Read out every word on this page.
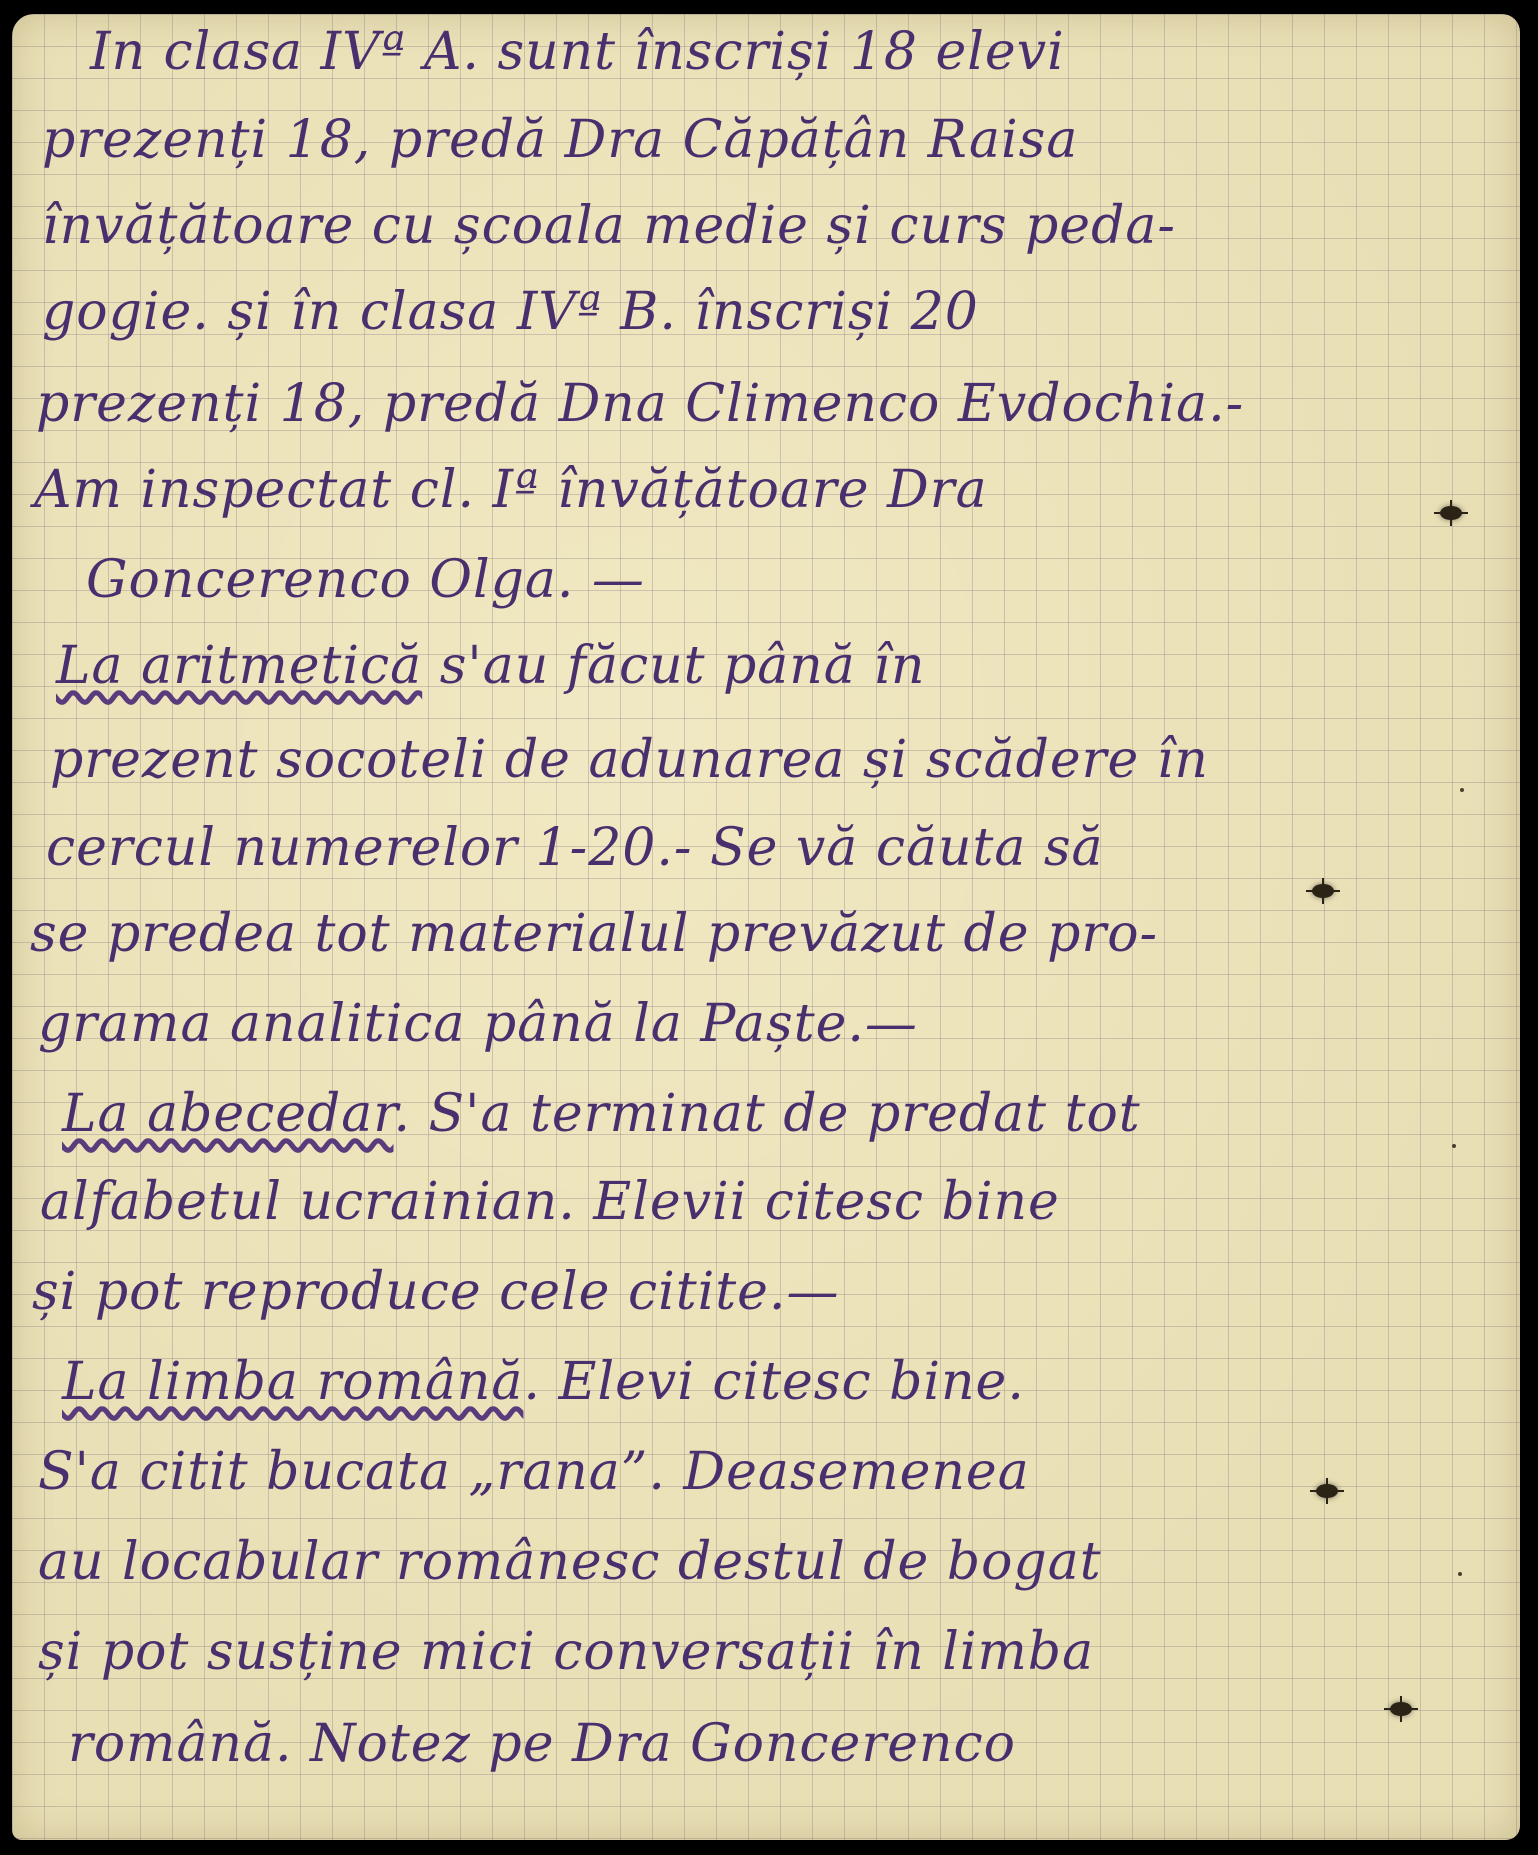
In clasa IVª A. sunt înscriși 18 elevi

prezenți 18, predă Dra Căpățân Raisa

învățătoare cu școala medie și curs peda-

gogie. și în clasa IVª B. înscriși 20

prezenți 18, predă Dna Climenco Evdochia.-

Am inspectat cl. Iª învățătoare Dra

Goncerenco Olga. —

La aritmetică s'au făcut până în

prezent socoteli de adunarea și scădere în

cercul numerelor 1-20.- Se vă căuta să

se predea tot materialul prevăzut de pro-

grama analitica până la Paște.—

La abecedar. S'a terminat de predat tot

alfabetul ucrainian. Elevii citesc bine

și pot reproduce cele citite.—

La limba română. Elevi citesc bine.

S'a citit bucata „rana”. Deasemenea

au locabular românesc destul de bogat

și pot susține mici conversații în limba

română. Notez pe Dra Goncerenco
